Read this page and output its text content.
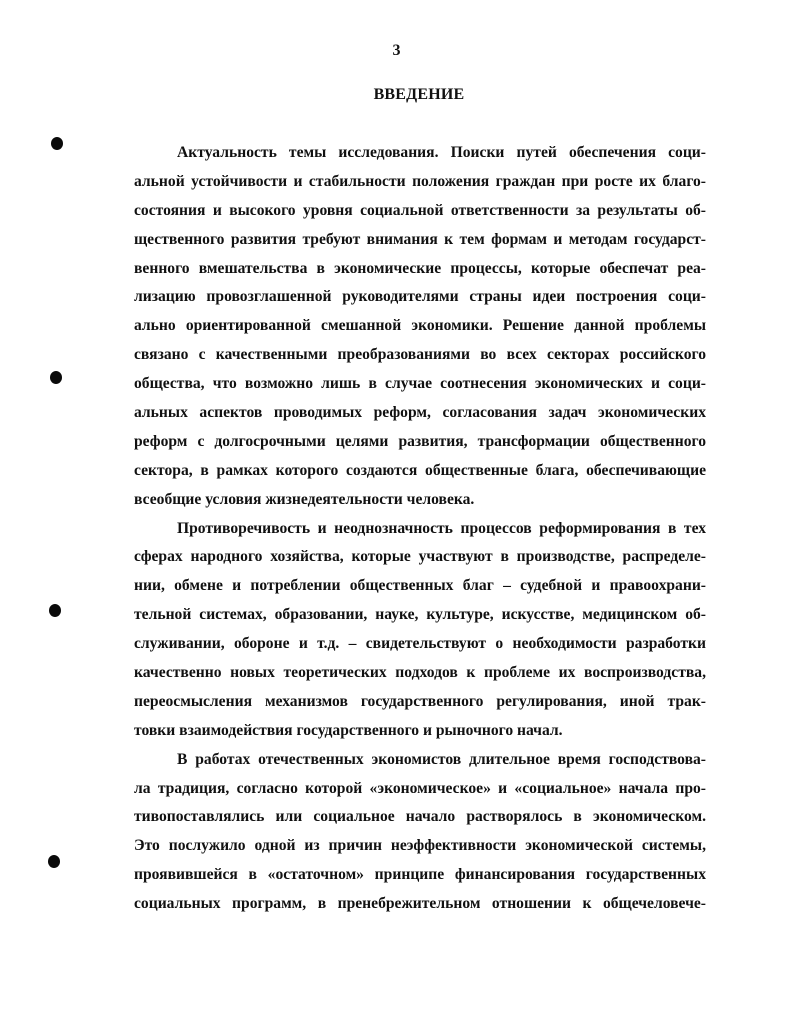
3
ВВЕДЕНИЕ
Актуальность темы исследования. Поиски путей обеспечения соци-
альной устойчивости и стабильности положения граждан при росте их благо-
состояния и высокого уровня социальной ответственности за результаты об-
щественного развития требуют внимания к тем формам и методам государст-
венного вмешательства в экономические процессы, которые обеспечат реа-
лизацию провозглашенной руководителями страны идеи построения соци-
ально ориентированной смешанной экономики. Решение данной проблемы
связано с качественными преобразованиями во всех секторах российского
общества, что возможно лишь в случае соотнесения экономических и соци-
альных аспектов проводимых реформ, согласования задач экономических
реформ с долгосрочными целями развития, трансформации общественного
сектора, в рамках которого создаются общественные блага, обеспечивающие
всеобщие условия жизнедеятельности человека.
Противоречивость и неоднозначность процессов реформирования в тех
сферах народного хозяйства, которые участвуют в производстве, распределе-
нии, обмене и потреблении общественных благ – судебной и правоохрани-
тельной системах, образовании, науке, культуре, искусстве, медицинском об-
служивании, обороне и т.д. – свидетельствуют о необходимости разработки
качественно новых теоретических подходов к проблеме их воспроизводства,
переосмысления механизмов государственного регулирования, иной трак-
товки взаимодействия государственного и рыночного начал.
В работах отечественных экономистов длительное время господствова-
ла традиция, согласно которой «экономическое» и «социальное» начала про-
тивопоставлялись или социальное начало растворялось в экономическом.
Это послужило одной из причин неэффективности экономической системы,
проявившейся в «остаточном» принципе финансирования государственных
социальных программ, в пренебрежительном отношении к общечеловече-
